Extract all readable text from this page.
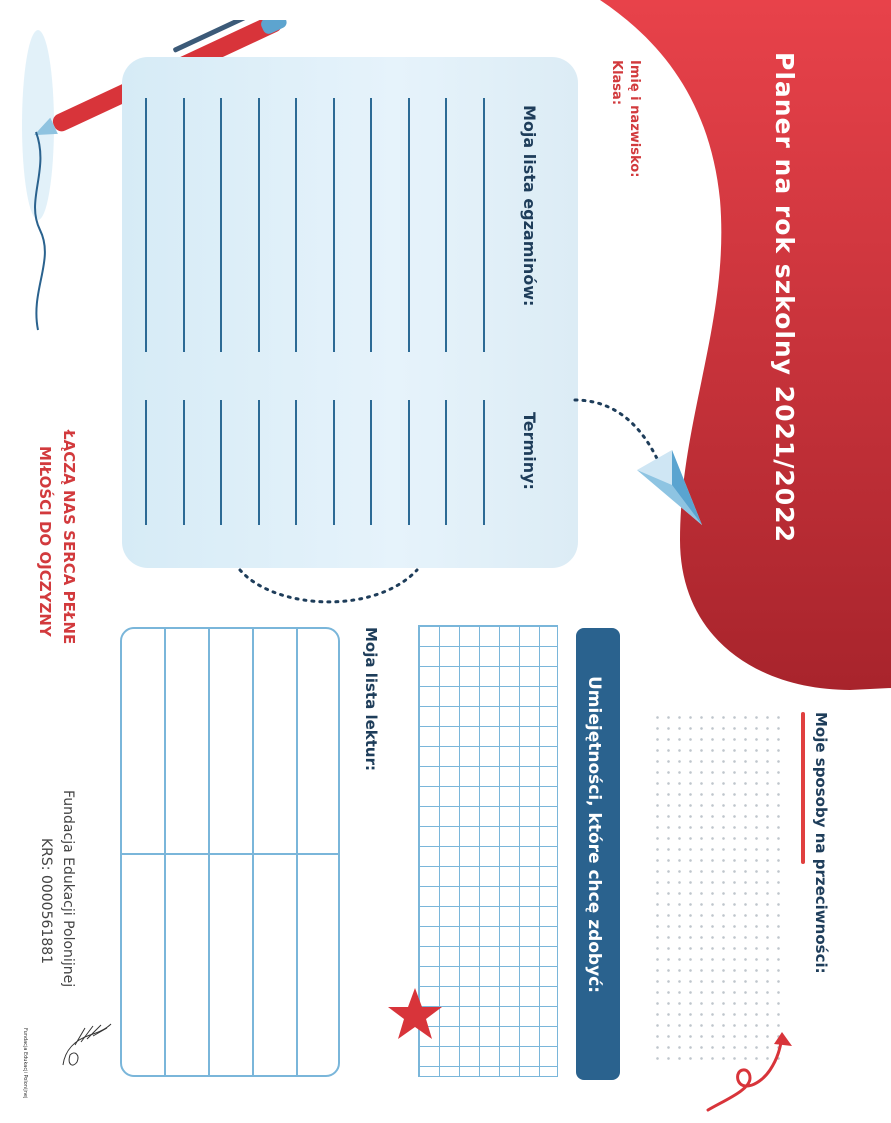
Planer na rok szkolny 2021/2022
Imię i nazwisko:
Klasa:
Moja lista egzaminów:
Terminy:
Umiejętności, które chcę zdobyć:
Moja lista lektur:
Moje sposoby na przeciwności:
ŁĄCZĄ NAS SERCA PEŁNE
MIŁOŚCI DO OJCZYZNY
Fundacja Edukacji Polonijnej
KRS: 0000561881
Fundacja Edukacji Polonijnej
